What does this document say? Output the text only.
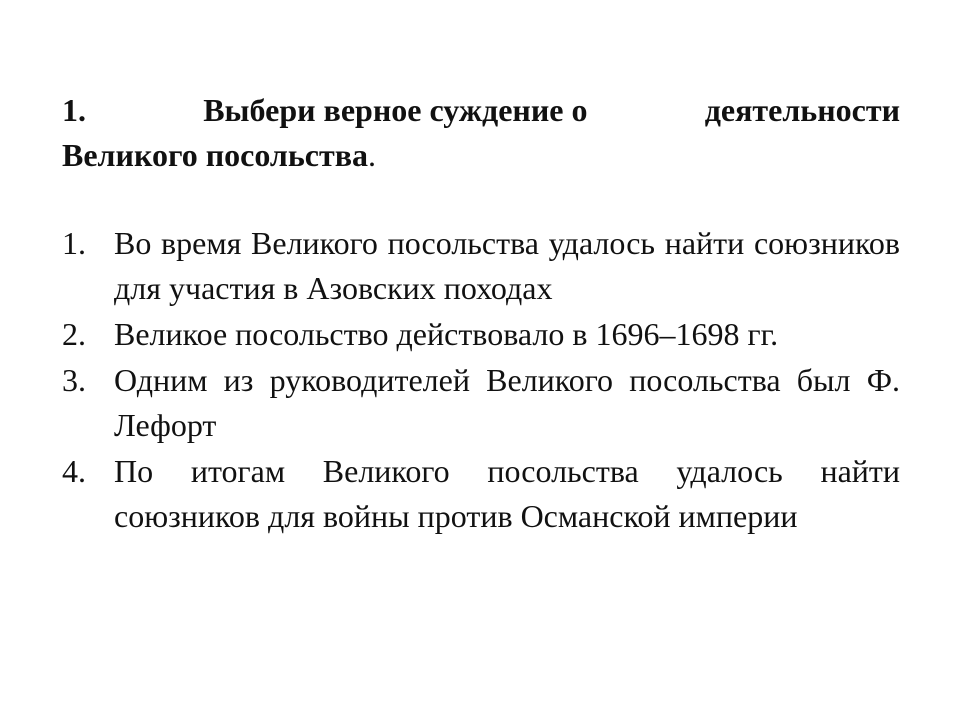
1.	Выбери верное суждение о	деятельности
Великого посольства.
1. Во время Великого посольства удалось найти союзников для участия в Азовских походах
2. Великое посольство действовало в 1696–1698 гг.
3. Одним из руководителей Великого посольства был Ф. Лефорт
4. По итогам Великого посольства удалось найти союзников для войны против Османской империи
